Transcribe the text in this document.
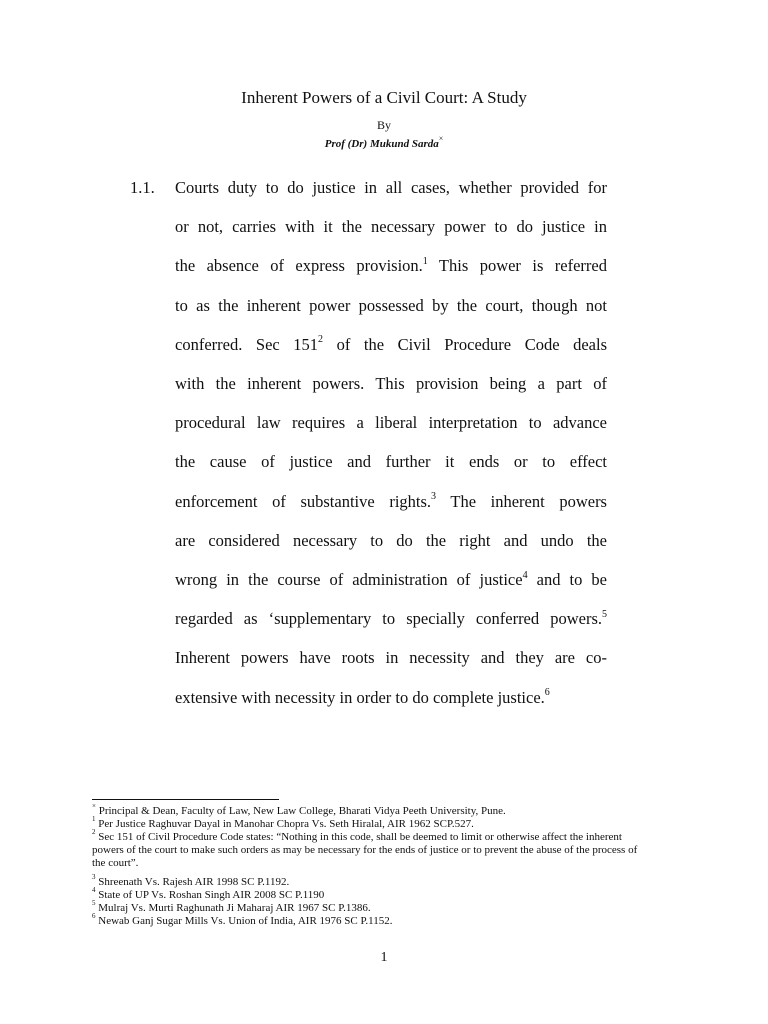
Inherent Powers of a Civil Court: A Study
By
Prof (Dr) Mukund Sarda×
1.1. Courts duty to do justice in all cases, whether provided for
or not, carries with it the necessary power to do justice in
the absence of express provision.$^1$ This power is referred
to as the inherent power possessed by the court, though not
conferred. Sec $151^2$ of the Civil Procedure Code deals
with the inherent powers. This provision being a part of
procedural law requires a liberal interpretation to advance
the cause of justice and further it ends or to effect
enforcement of substantive rights.$^3$ The inherent powers
are considered necessary to do the right and undo the
wrong in the course of administration of justice$^4$ and to be
regarded as ‘supplementary to specially conferred powers.$^5$
Inherent powers have roots in necessity and they are co-
extensive with necessity in order to do complete justice.$^6$
× Principal & Dean, Faculty of Law, New Law College, Bharati Vidya Peeth University, Pune.
$^1$ Per Justice Raghuvar Dayal in Manohar Chopra Vs. Seth Hiralal, AIR 1962 SCP.527.
$^2$ Sec 151 of Civil Procedure Code states: “Nothing in this code, shall be deemed to limit or otherwise affect the inherent powers of the court to make such orders as may be necessary for the ends of justice or to prevent the abuse of the process of the court”.
$^3$ Shreenath Vs. Rajesh AIR 1998 SC P.1192.
$^4$ State of UP Vs. Roshan Singh AIR 2008 SC P.1190
$^5$ Mulraj Vs. Murti Raghunath Ji Maharaj AIR 1967 SC P.1386.
$^6$ Newab Ganj Sugar Mills Vs. Union of India, AIR 1976 SC P.1152.
1
